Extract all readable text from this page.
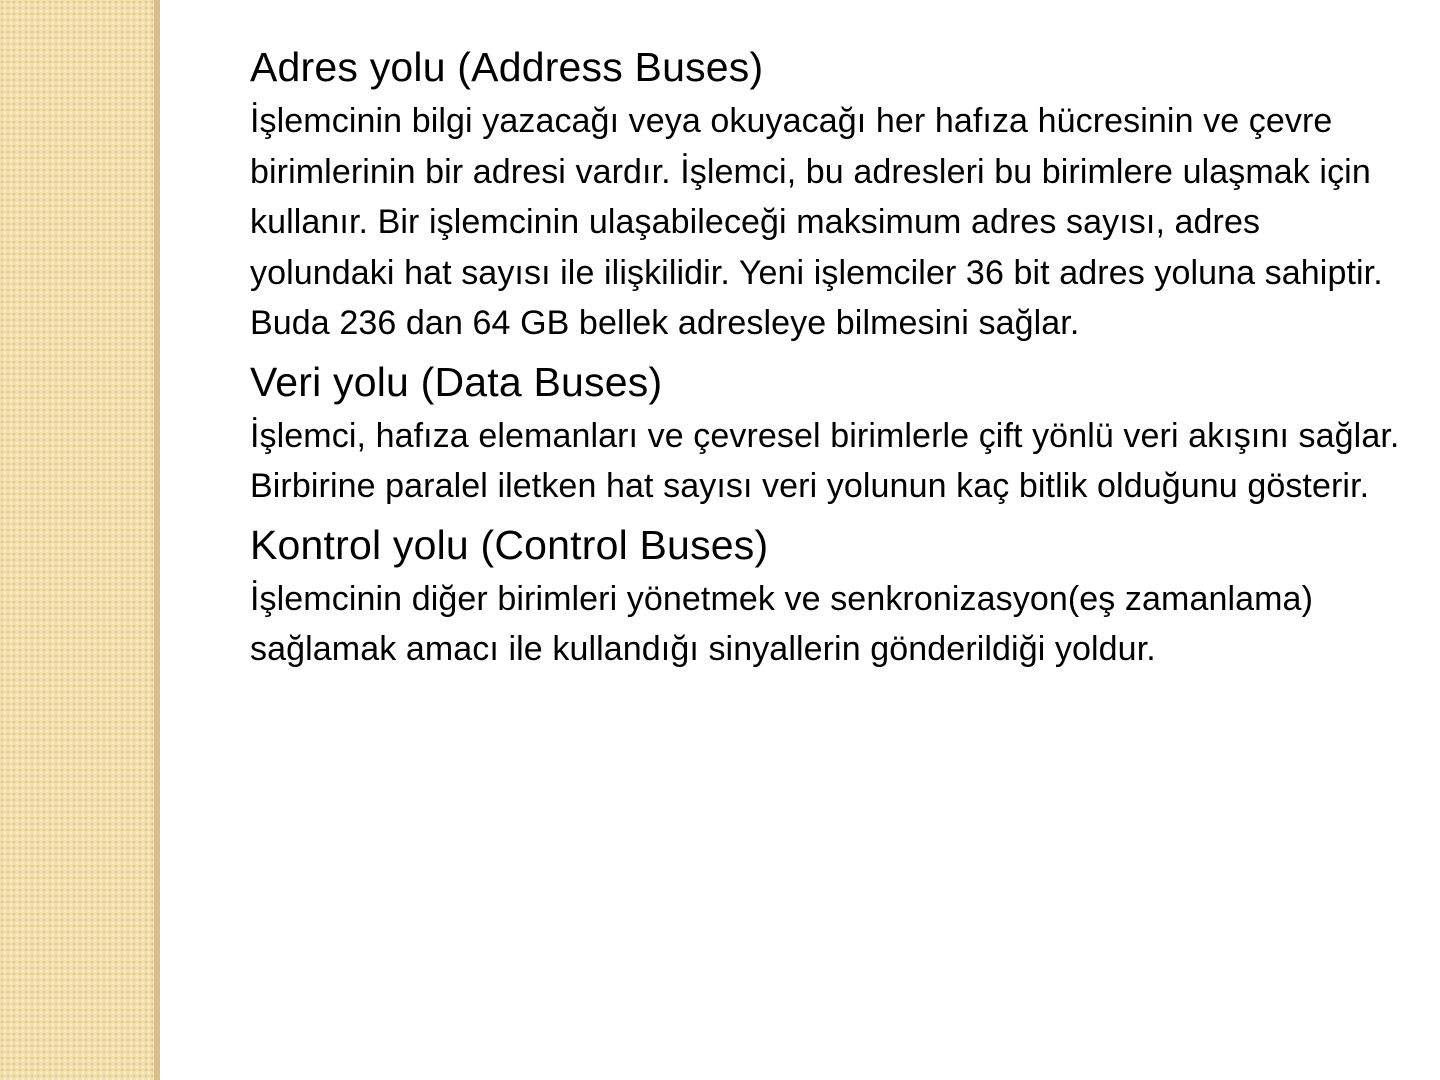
Adres yolu (Address Buses)

İşlemcinin bilgi yazacağı veya okuyacağı her hafıza hücresinin ve çevre birimlerinin bir adresi vardır. İşlemci, bu adresleri bu birimlere ulaşmak için kullanır. Bir işlemcinin ulaşabileceği maksimum adres sayısı, adres yolundaki hat sayısı ile ilişkilidir. Yeni işlemciler 36 bit adres yoluna sahiptir. Buda 236 dan 64 GB bellek adresleye bilmesini sağlar.

Veri yolu (Data Buses)

İşlemci, hafıza elemanları ve çevresel birimlerle çift yönlü veri akışını sağlar. Birbirine paralel iletken hat sayısı veri yolunun kaç bitlik olduğunu gösterir.

Kontrol yolu (Control Buses)

İşlemcinin diğer birimleri yönetmek ve senkronizasyon(eş zamanlama) sağlamak amacı ile kullandığı sinyallerin gönderildiği yoldur.
